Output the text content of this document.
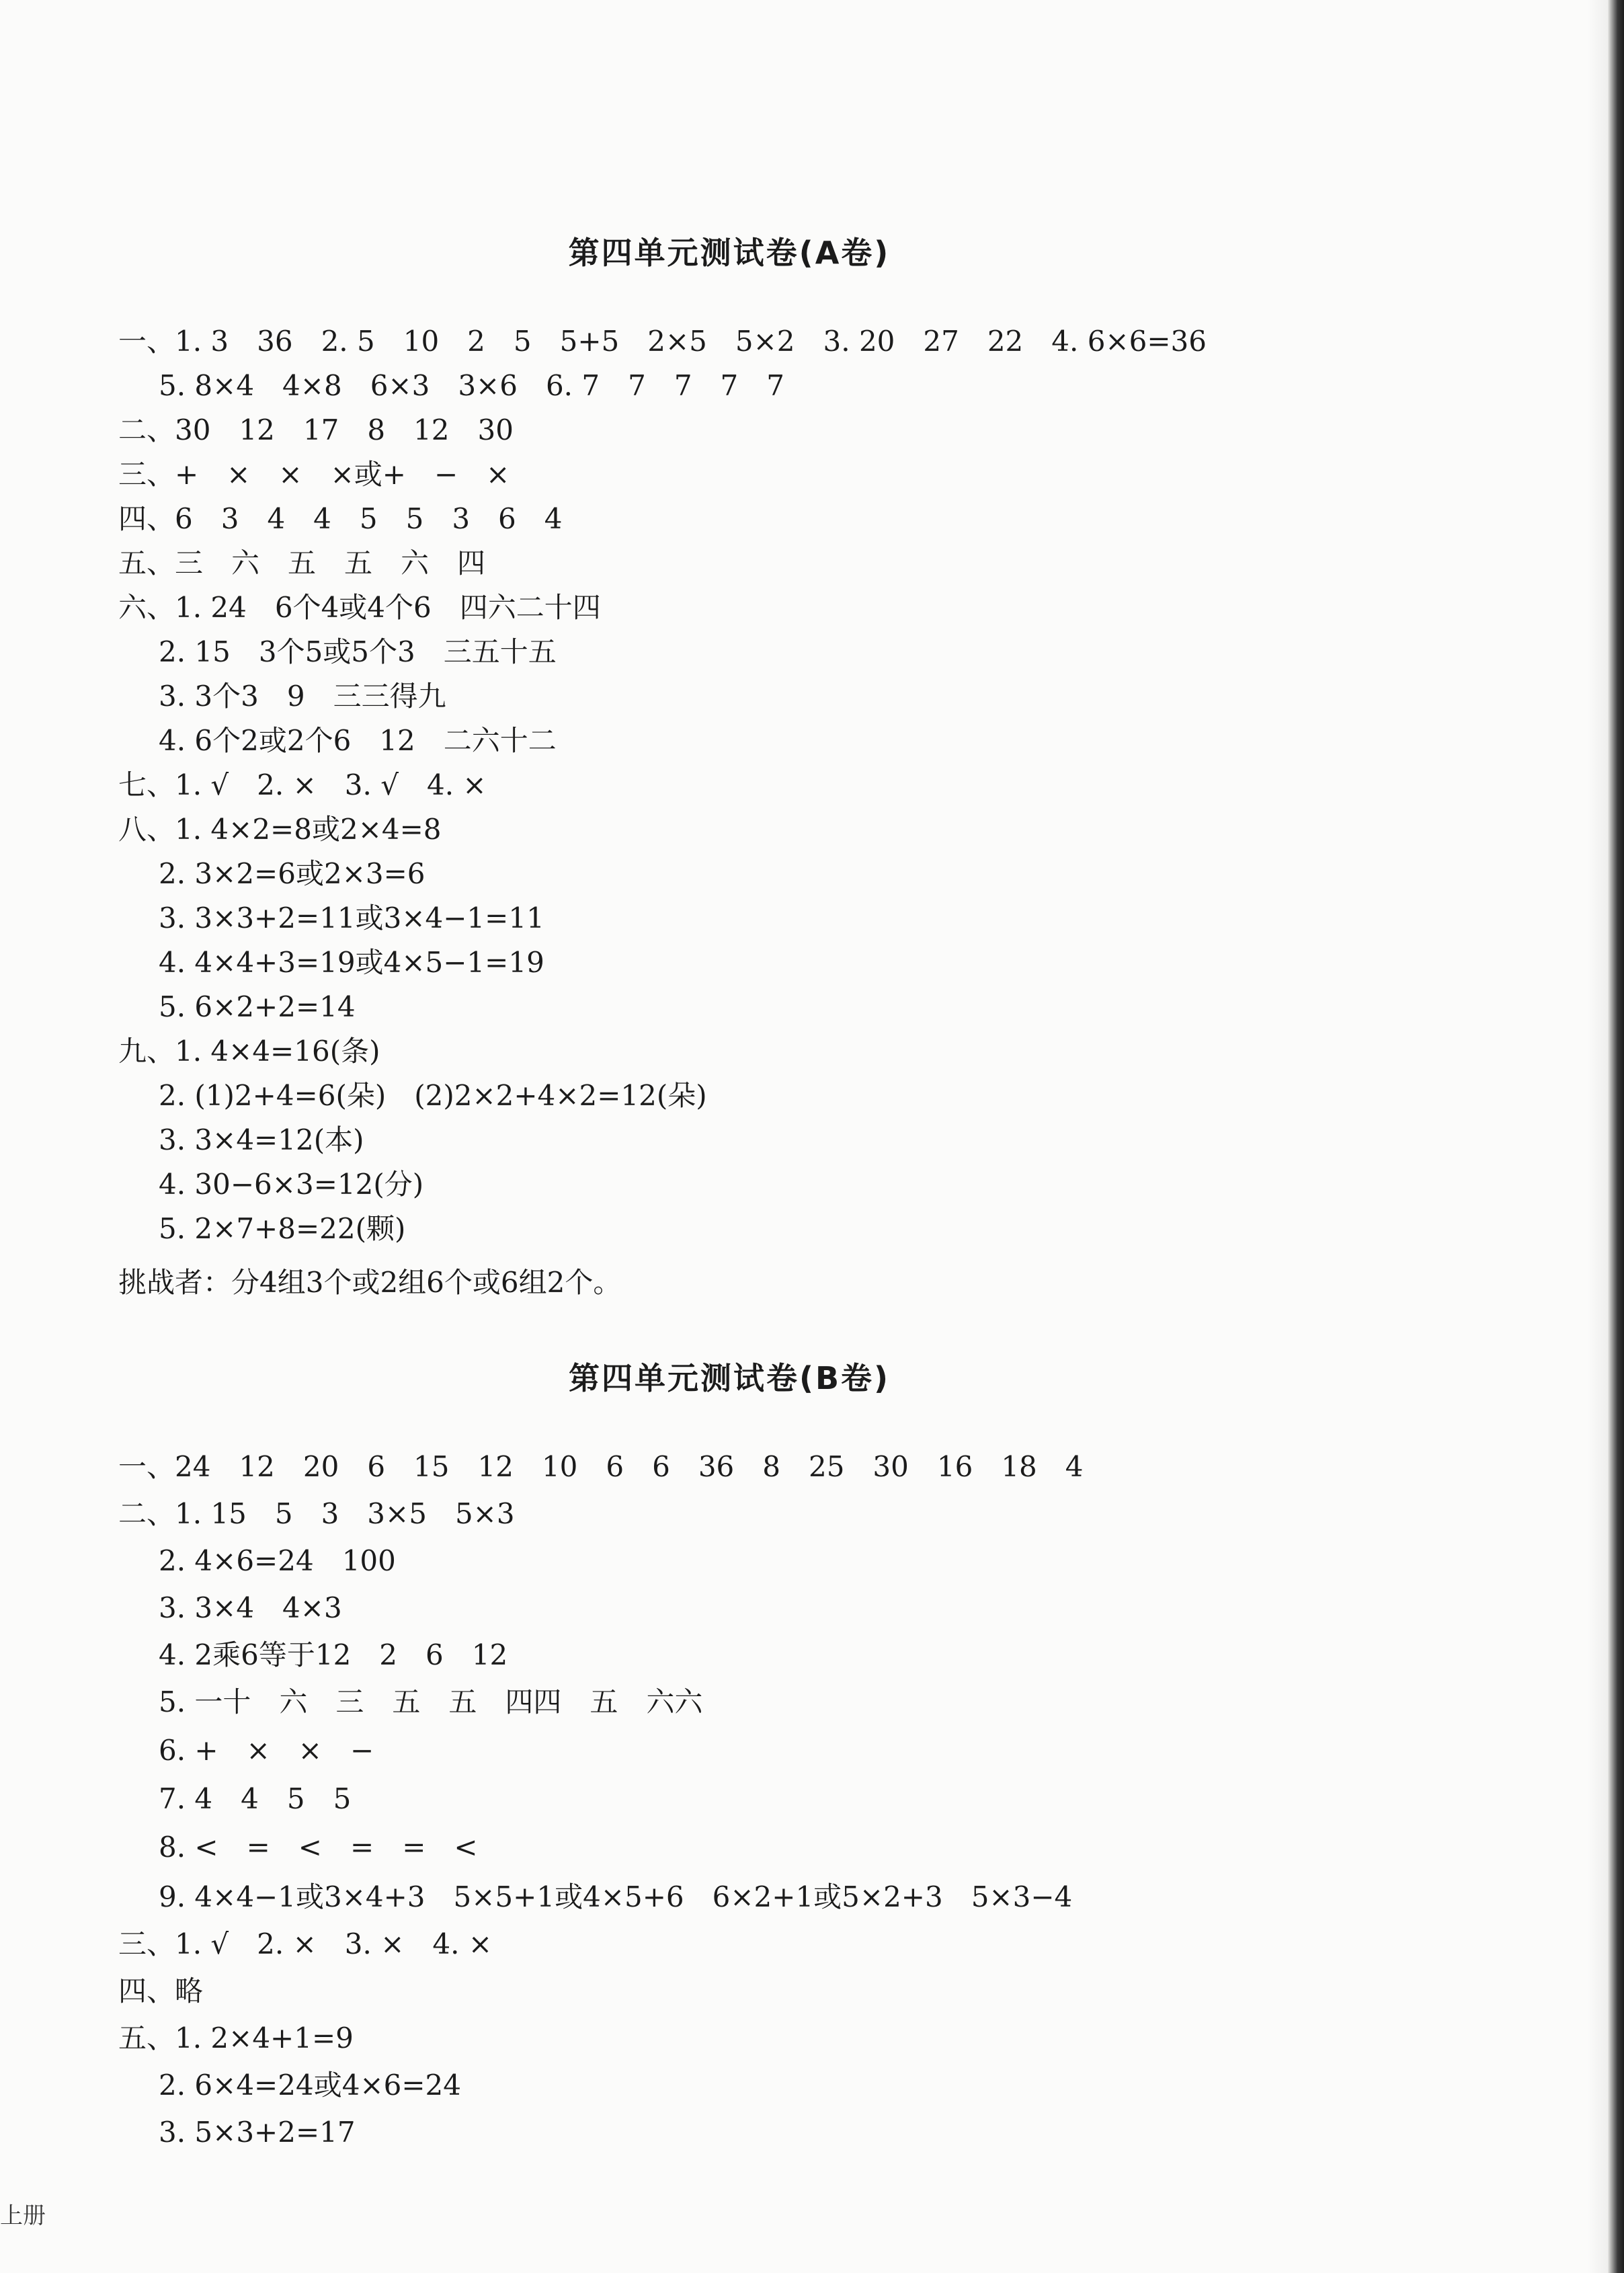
第四单元测试卷(A卷)

一、1. 3　36　2. 5　10　2　5　5+5　2×5　5×2　3. 20　27　22　4. 6×6=36

5. 8×4　4×8　6×3　3×6　6. 7　7　7　7　7

二、30　12　17　8　12　30

三、+　×　×　×或+　−　×

四、6　3　4　4　5　5　3　6　4

五、三　六　五　五　六　四

六、1. 24　6个4或4个6　四六二十四

2. 15　3个5或5个3　三五十五

3. 3个3　9　三三得九

4. 6个2或2个6　12　二六十二

七、1. √　2. ×　3. √　4. ×

八、1. 4×2=8或2×4=8

2. 3×2=6或2×3=6

3. 3×3+2=11或3×4−1=11

4. 4×4+3=19或4×5−1=19

5. 6×2+2=14

九、1. 4×4=16(条)

2. (1)2+4=6(朵)　(2)2×2+4×2=12(朵)

3. 3×4=12(本)

4. 30−6×3=12(分)

5. 2×7+8=22(颗)

挑战者：分4组3个或2组6个或6组2个。

第四单元测试卷(B卷)

一、24　12　20　6　15　12　10　6　6　36　8　25　30　16　18　4

二、1. 15　5　3　3×5　5×3

2. 4×6=24　100

3. 3×4　4×3

4. 2乘6等于12　2　6　12

5. 一十　六　三　五　五　四四　五　六六

6. +　×　×　−

7. 4　4　5　5

8. <　=　<　=　=　<

9. 4×4−1或3×4+3　5×5+1或4×5+6　6×2+1或5×2+3　5×3−4

三、1. √　2. ×　3. ×　4. ×

四、略

五、1. 2×4+1=9

2. 6×4=24或4×6=24

3. 5×3+2=17

上册
